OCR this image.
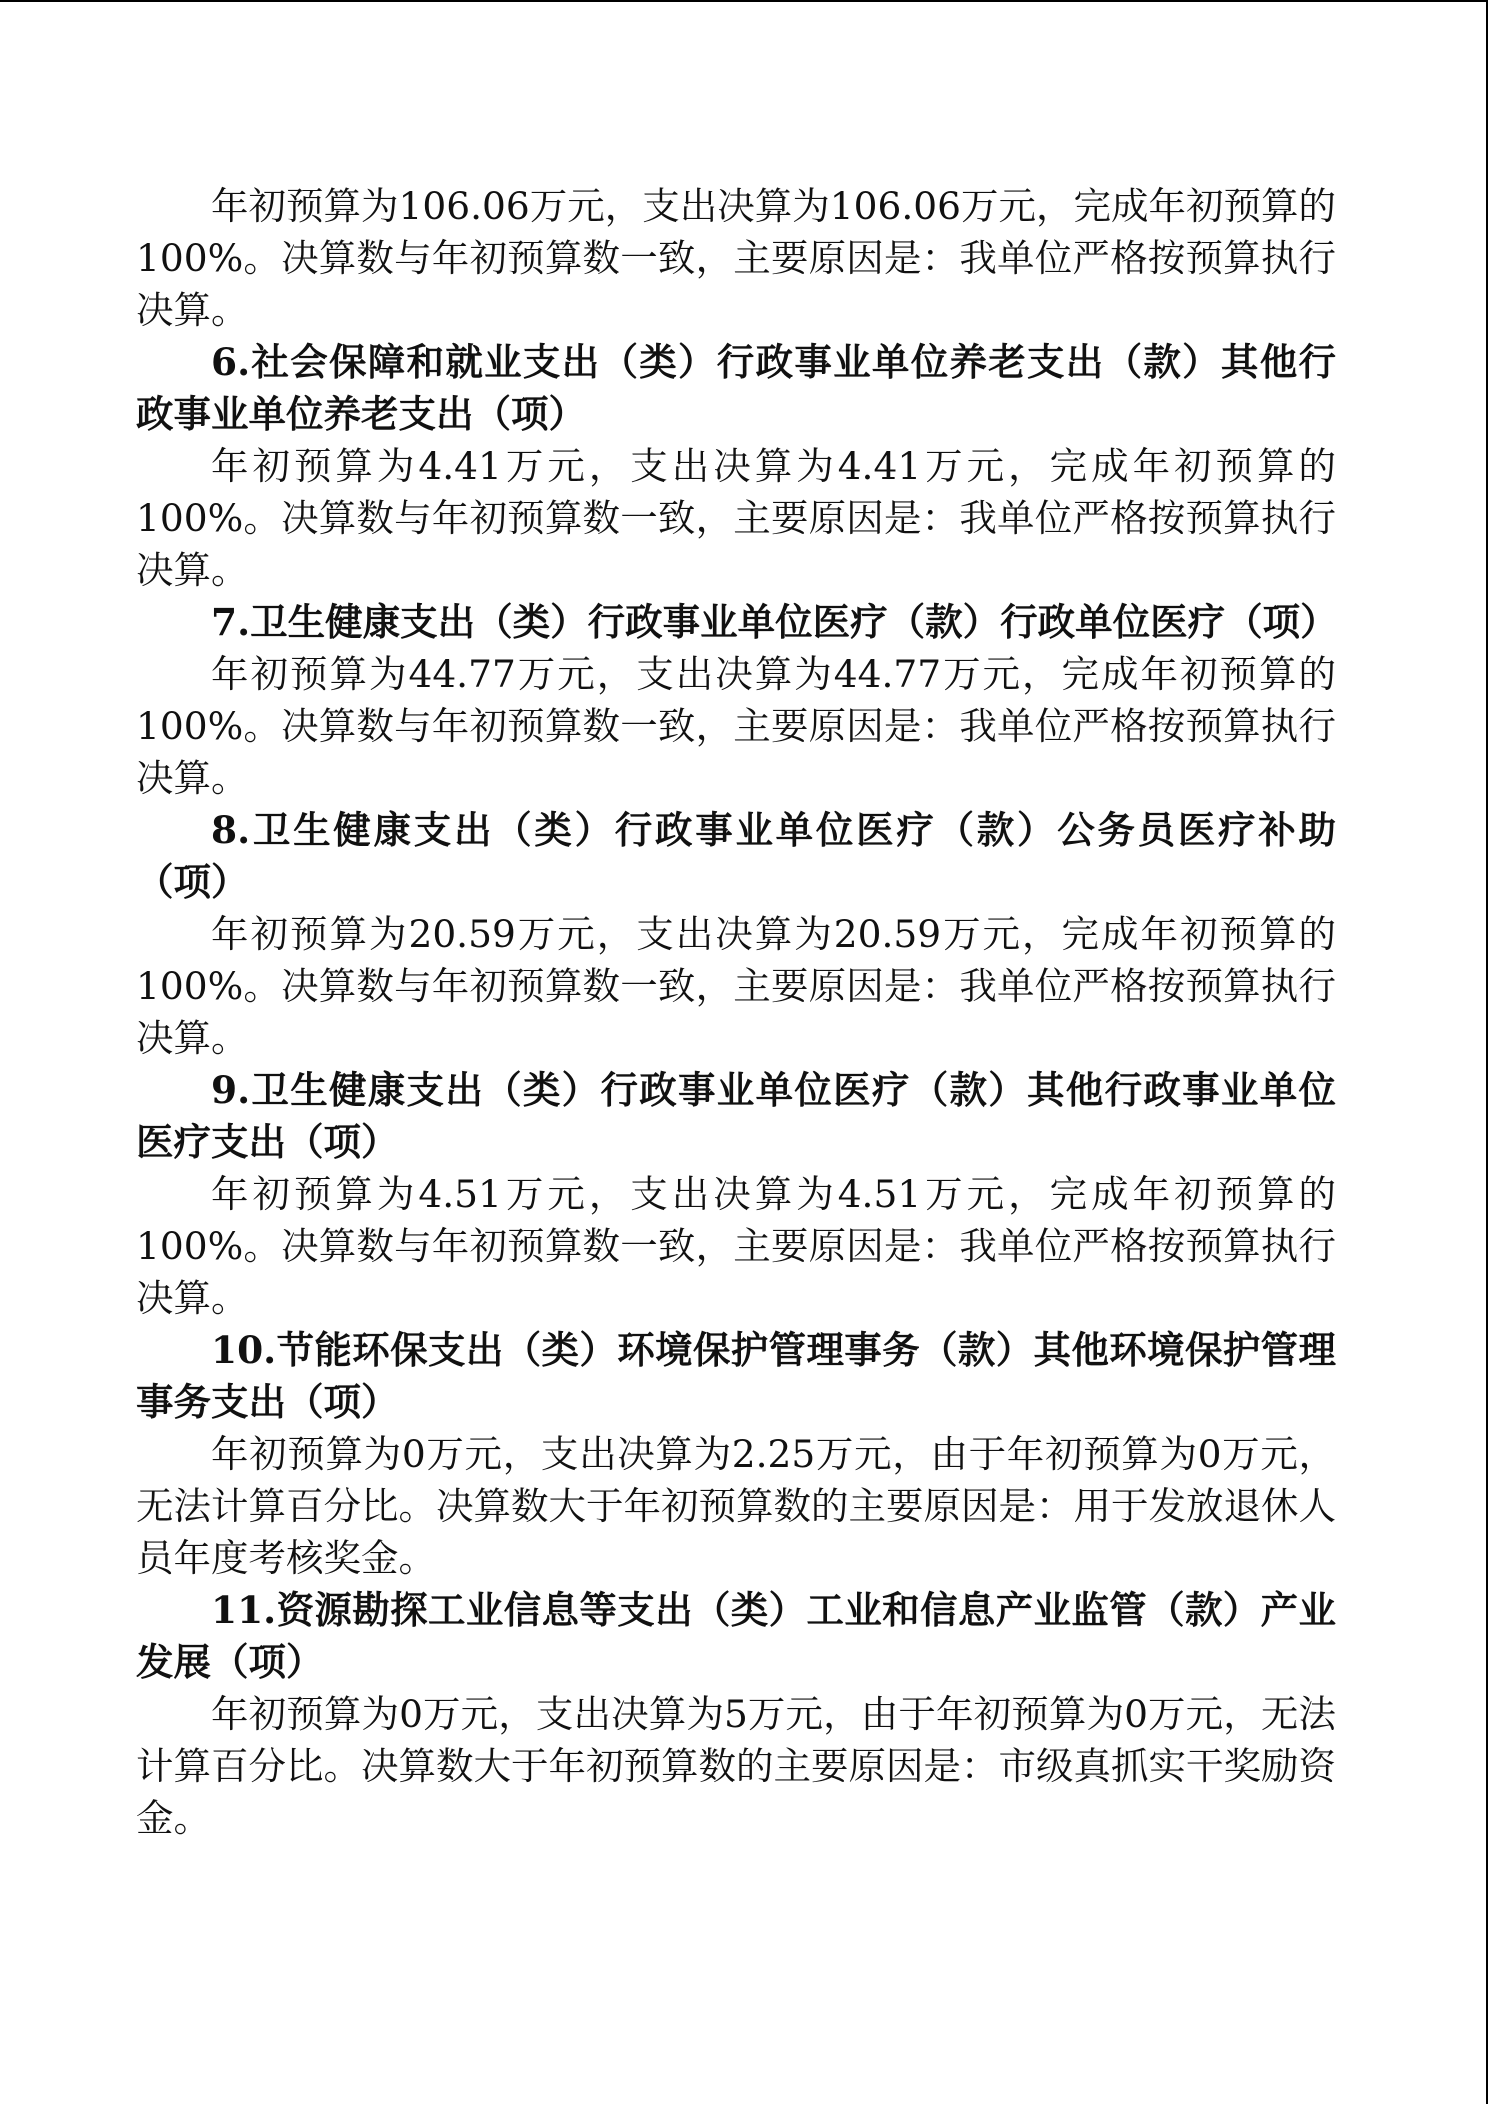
年初预算为106.06万元，支出决算为106.06万元，完成年初预算的100%。决算数与年初预算数一致，主要原因是：我单位严格按预算执行决算。

6.社会保障和就业支出（类）行政事业单位养老支出（款）其他行政事业单位养老支出（项）

年初预算为4.41万元，支出决算为4.41万元，完成年初预算的100%。决算数与年初预算数一致，主要原因是：我单位严格按预算执行决算。

7.卫生健康支出（类）行政事业单位医疗（款）行政单位医疗（项）

年初预算为44.77万元，支出决算为44.77万元，完成年初预算的100%。决算数与年初预算数一致，主要原因是：我单位严格按预算执行决算。

8.卫生健康支出（类）行政事业单位医疗（款）公务员医疗补助（项）

年初预算为20.59万元，支出决算为20.59万元，完成年初预算的100%。决算数与年初预算数一致，主要原因是：我单位严格按预算执行决算。

9.卫生健康支出（类）行政事业单位医疗（款）其他行政事业单位医疗支出（项）

年初预算为4.51万元，支出决算为4.51万元，完成年初预算的100%。决算数与年初预算数一致，主要原因是：我单位严格按预算执行决算。

10.节能环保支出（类）环境保护管理事务（款）其他环境保护管理事务支出（项）

年初预算为0万元，支出决算为2.25万元，由于年初预算为0万元，无法计算百分比。决算数大于年初预算数的主要原因是：用于发放退休人员年度考核奖金。

11.资源勘探工业信息等支出（类）工业和信息产业监管（款）产业发展（项）

年初预算为0万元，支出决算为5万元，由于年初预算为0万元，无法计算百分比。决算数大于年初预算数的主要原因是：市级真抓实干奖励资金。
